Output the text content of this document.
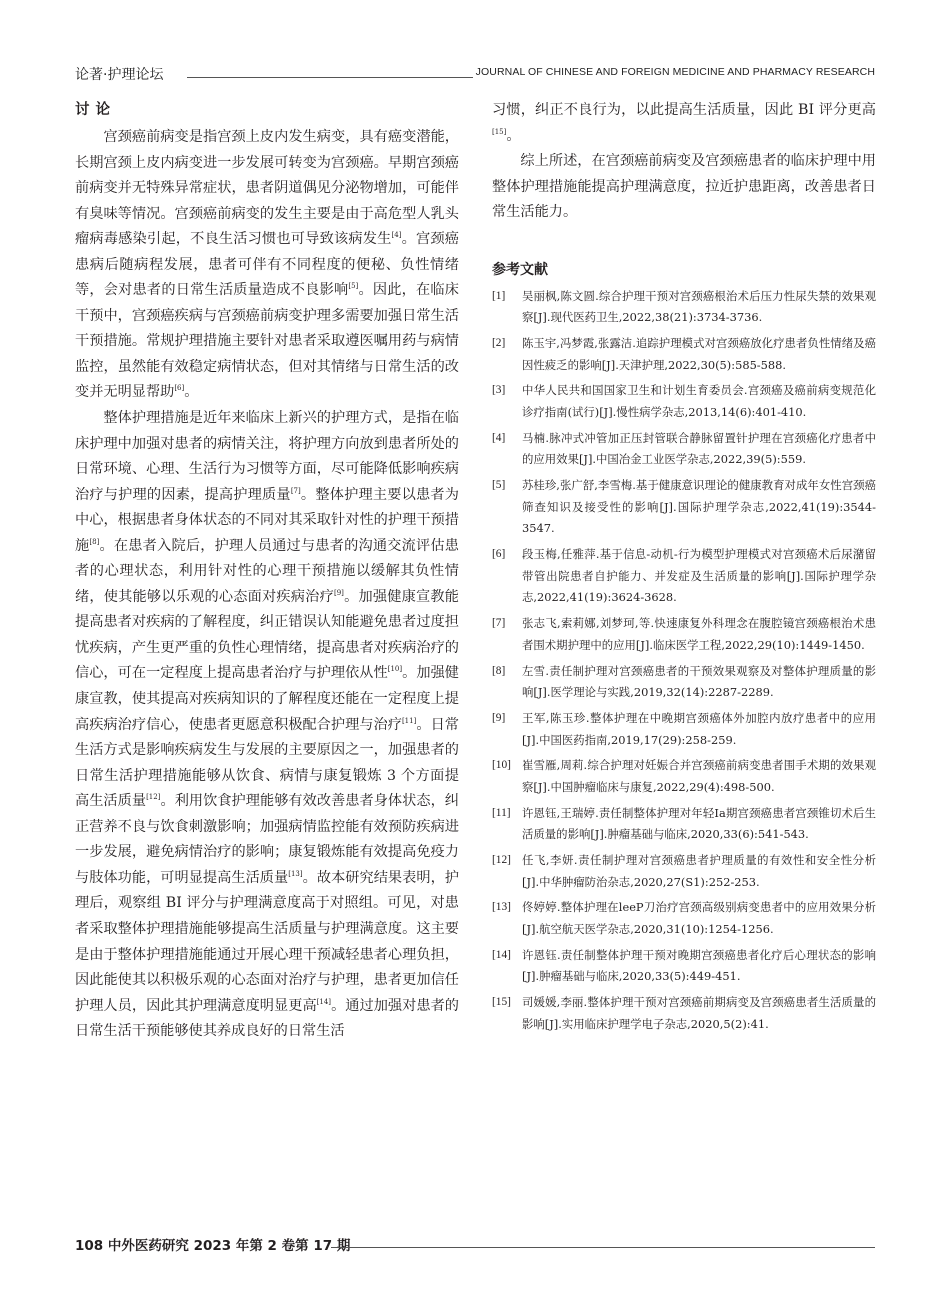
论著·护理论坛	JOURNAL OF CHINESE AND FOREIGN MEDICINE AND PHARMACY RESEARCH
讨论

宫颈癌前病变是指宫颈上皮内发生病变，具有癌变潜能，长期宫颈上皮内病变进一步发展可转变为宫颈癌。早期宫颈癌前病变并无特殊异常症状，患者阴道偶见分泌物增加，可能伴有臭味等情况。宫颈癌前病变的发生主要是由于高危型人乳头瘤病毒感染引起，不良生活习惯也可导致该病发生[4]。宫颈癌患病后随病程发展，患者可伴有不同程度的便秘、负性情绪等，会对患者的日常生活质量造成不良影响[5]。因此，在临床干预中，宫颈癌疾病与宫颈癌前病变护理多需要加强日常生活干预措施。常规护理措施主要针对患者采取遵医嘱用药与病情监控，虽然能有效稳定病情状态，但对其情绪与日常生活的改变并无明显帮助[6]。

整体护理措施是近年来临床上新兴的护理方式，是指在临床护理中加强对患者的病情关注，将护理方向放到患者所处的日常环境、心理、生活行为习惯等方面，尽可能降低影响疾病治疗与护理的因素，提高护理质量[7]。整体护理主要以患者为中心，根据患者身体状态的不同对其采取针对性的护理干预措施[8]。在患者入院后，护理人员通过与患者的沟通交流评估患者的心理状态，利用针对性的心理干预措施以缓解其负性情绪，使其能够以乐观的心态面对疾病治疗[9]。加强健康宣教能提高患者对疾病的了解程度，纠正错误认知能避免患者过度担忧疾病，产生更严重的负性心理情绪，提高患者对疾病治疗的信心，可在一定程度上提高患者治疗与护理依从性[10]。加强健康宣教，使其提高对疾病知识的了解程度还能在一定程度上提高疾病治疗信心，使患者更愿意积极配合护理与治疗[11]。日常生活方式是影响疾病发生与发展的主要原因之一，加强患者的日常生活护理措施能够从饮食、病情与康复锻炼 3 个方面提高生活质量[12]。利用饮食护理能够有效改善患者身体状态，纠正营养不良与饮食刺激影响；加强病情监控能有效预防疾病进一步发展，避免病情治疗的影响；康复锻炼能有效提高免疫力与肢体功能，可明显提高生活质量[13]。故本研究结果表明，护理后，观察组 BI 评分与护理满意度高于对照组。可见，对患者采取整体护理措施能够提高生活质量与护理满意度。这主要是由于整体护理措施能通过开展心理干预减轻患者心理负担，因此能使其以积极乐观的心态面对治疗与护理，患者更加信任护理人员，因此其护理满意度明显更高[14]。通过加强对患者的日常生活干预能够使其养成良好的日常生活

习惯，纠正不良行为，以此提高生活质量，因此 BI 评分更高[15]。

综上所述，在宫颈癌前病变及宫颈癌患者的临床护理中用整体护理措施能提高护理满意度，拉近护患距离，改善患者日常生活能力。

参考文献
[1] 吴丽枫,陈文圆.综合护理干预对宫颈癌根治术后压力性尿失禁的效果观察[J].现代医药卫生,2022,38(21):3734-3736.
[2] 陈玉宇,冯梦霞,张露洁.追踪护理模式对宫颈癌放化疗患者负性情绪及癌因性疲乏的影响[J].天津护理,2022,30(5):585-588.
[3] 中华人民共和国国家卫生和计划生育委员会.宫颈癌及癌前病变规范化诊疗指南(试行)[J].慢性病学杂志,2013,14(6):401-410.
[4] 马楠.脉冲式冲管加正压封管联合静脉留置针护理在宫颈癌化疗患者中的应用效果[J].中国冶金工业医学杂志,2022,39(5):559.
[5] 苏桂珍,张广舒,李雪梅.基于健康意识理论的健康教育对成年女性宫颈癌筛查知识及接受性的影响[J].国际护理学杂志,2022,41(19):3544-3547.
[6] 段玉梅,任雅萍.基于信息-动机-行为模型护理模式对宫颈癌术后尿潴留带管出院患者自护能力、并发症及生活质量的影响[J].国际护理学杂志,2022,41(19):3624-3628.
[7] 张志飞,索莉娜,刘梦珂,等.快速康复外科理念在腹腔镜宫颈癌根治术患者围术期护理中的应用[J].临床医学工程,2022,29(10):1449-1450.
[8] 左雪.责任制护理对宫颈癌患者的干预效果观察及对整体护理质量的影响[J].医学理论与实践,2019,32(14):2287-2289.
[9] 王军,陈玉珍.整体护理在中晚期宫颈癌体外加腔内放疗患者中的应用[J].中国医药指南,2019,17(29):258-259.
[10] 崔雪雁,周莉.综合护理对妊娠合并宫颈癌前病变患者围手术期的效果观察[J].中国肿瘤临床与康复,2022,29(4):498-500.
[11] 许恩钰,王瑞婷.责任制整体护理对年轻Ⅰa期宫颈癌患者宫颈锥切术后生活质量的影响[J].肿瘤基础与临床,2020,33(6):541-543.
[12] 任飞,李妍.责任制护理对宫颈癌患者护理质量的有效性和安全性分析[J].中华肿瘤防治杂志,2020,27(S1):252-253.
[13] 佟婷婷.整体护理在leeP刀治疗宫颈高级别病变患者中的应用效果分析[J].航空航天医学杂志,2020,31(10):1254-1256.
[14] 许恩钰.责任制整体护理干预对晚期宫颈癌患者化疗后心理状态的影响[J].肿瘤基础与临床,2020,33(5):449-451.
[15] 司媛媛,李丽.整体护理干预对宫颈癌前期病变及宫颈癌患者生活质量的影响[J].实用临床护理学电子杂志,2020,5(2):41.
108 中外医药研究 2023 年第 2 卷第 17 期
